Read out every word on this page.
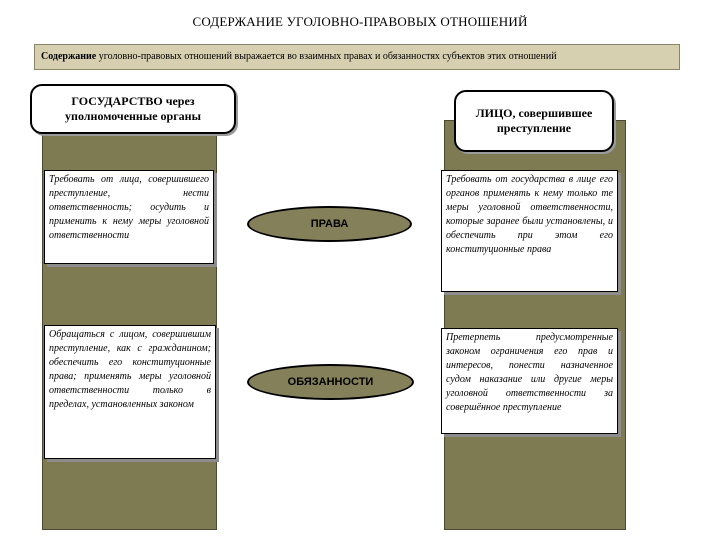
СОДЕРЖАНИЕ УГОЛОВНО-ПРАВОВЫХ ОТНОШЕНИЙ
Содержание уголовно-правовых отношений выражается во взаимных правах и обязанностях субъектов этих отношений
ГОСУДАРСТВО через уполномоченные органы	ЛИЦО, совершившее преступление
Требовать от лица, совершившего преступление, нести ответственность; осудить и применить к нему меры уголовной ответственности
Требовать от государства в лице его органов применять к нему только те меры уголовной ответственности, которые заранее были установлены, и обеспечить при этом его конституционные права
Обращаться с лицом, совершившим преступление, как с гражданином; обеспечить его конституционные права; применять меры уголовной ответственности только в пределах, установленных законом
Претерпеть предусмотренные законом ограничения его прав и интересов, понести назначенное судом наказание или другие меры уголовной ответственности за совершённое преступление
ПРАВА
ОБЯЗАННОСТИ
